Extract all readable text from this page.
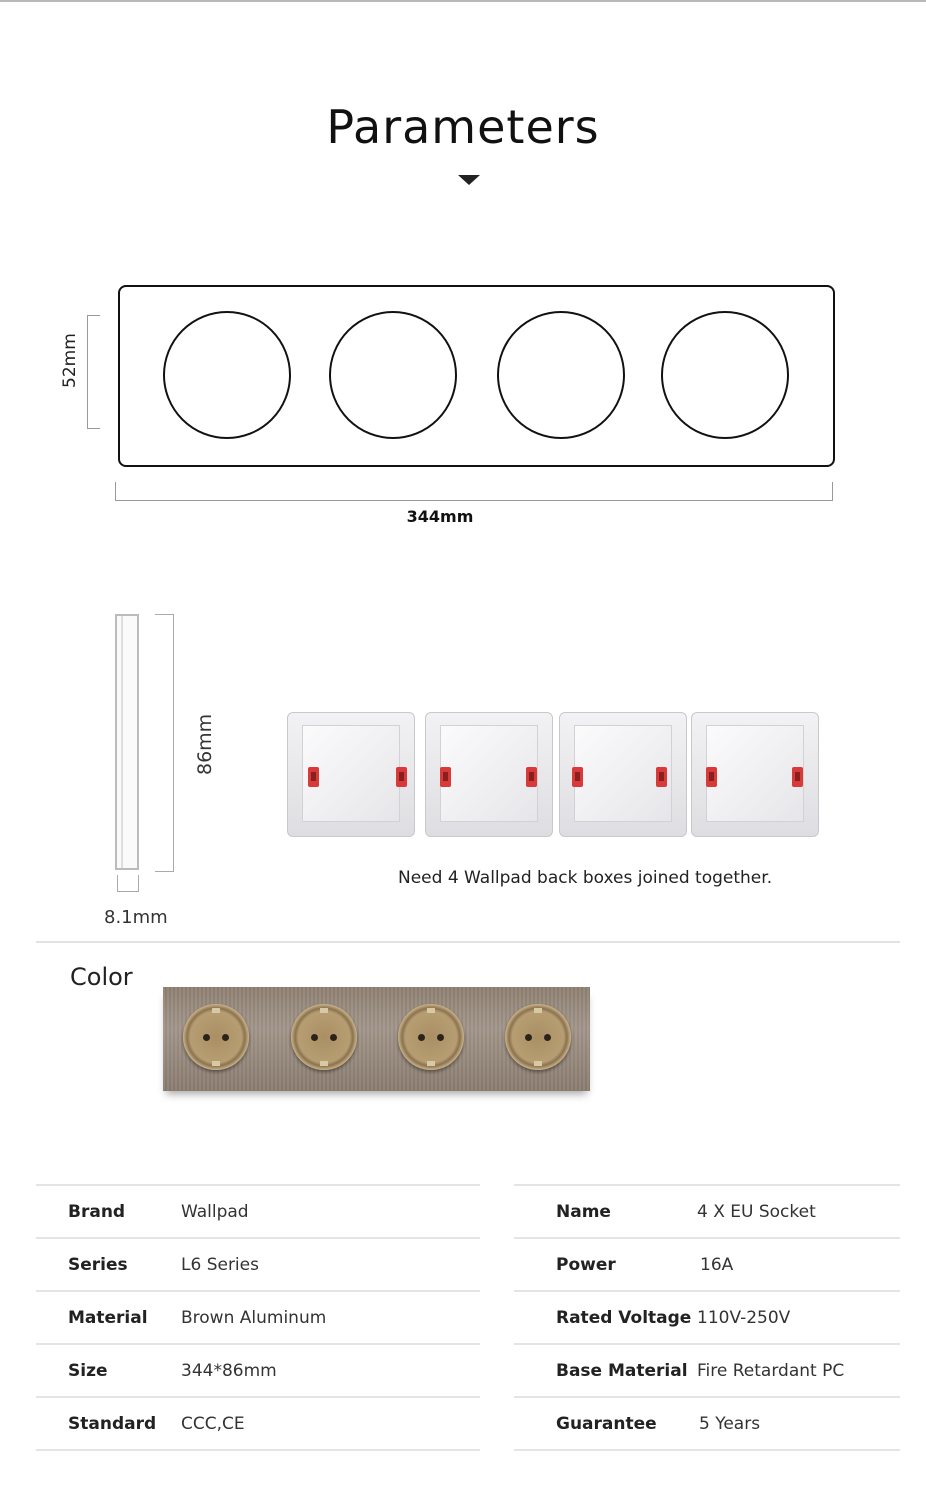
Parameters
52mm
344mm
86mm
8.1mm
Need 4 Wallpad back boxes joined together.
Color
Brand	Wallpad
Series	L6 Series
Material Brown Aluminum
Size	344*86mm
Standard CCC,CE
Name	4 X EU Socket
Power	16A
Rated Voltage 110V-250V
Base Material Fire Retardant PC
Guarantee 5 Years
